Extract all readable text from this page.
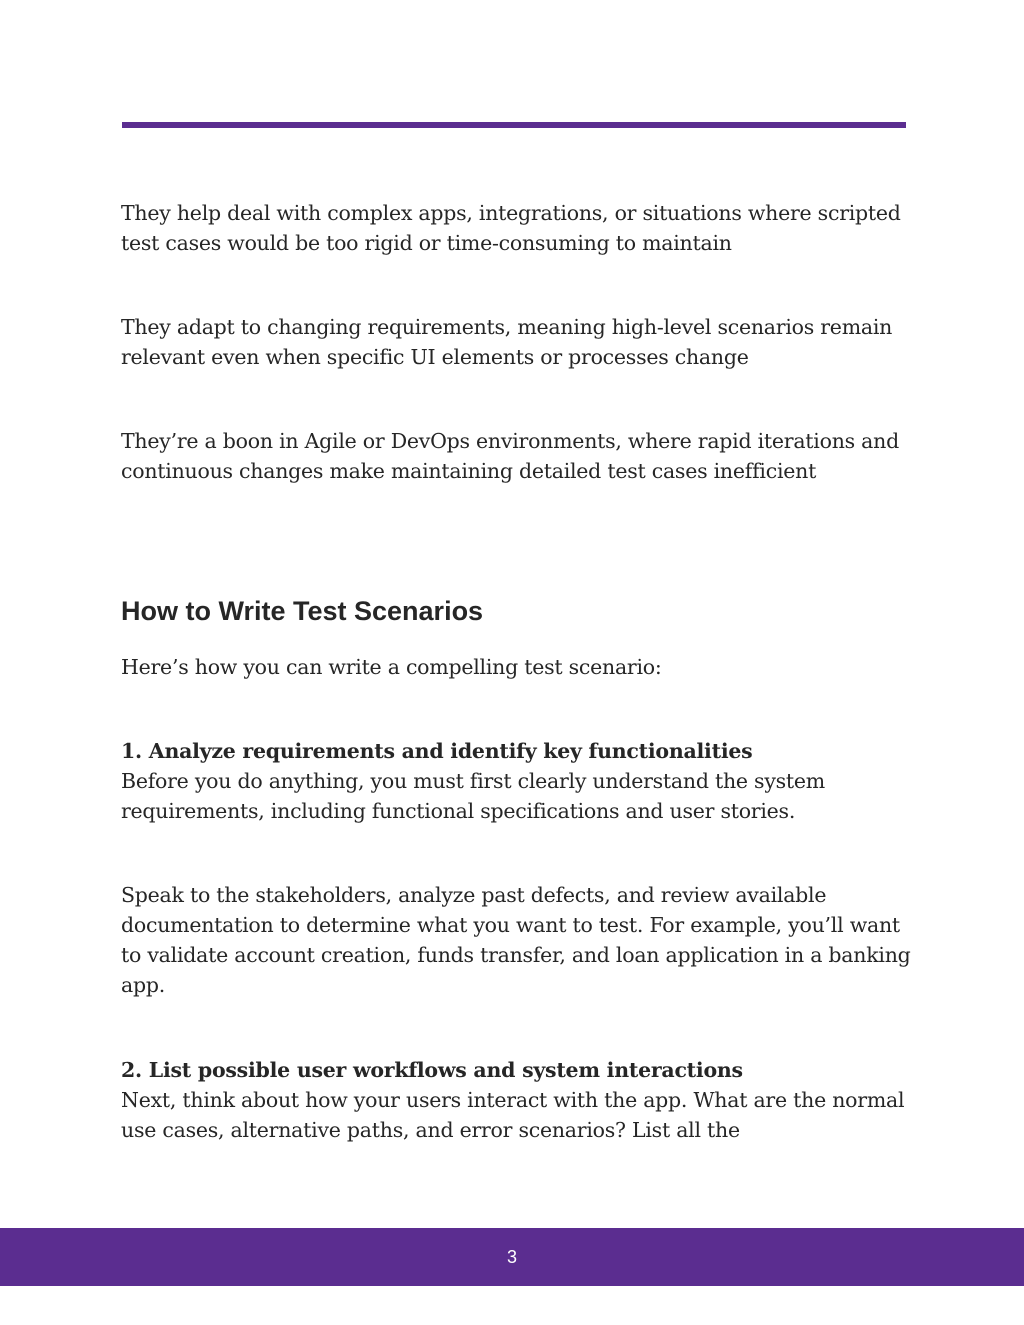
They help deal with complex apps, integrations, or situations where scripted test cases would be too rigid or time-consuming to maintain

They adapt to changing requirements, meaning high-level scenarios remain relevant even when specific UI elements or processes change

They’re a boon in Agile or DevOps environments, where rapid iterations and continuous changes make maintaining detailed test cases inefficient

How to Write Test Scenarios

Here’s how you can write a compelling test scenario:

1. Analyze requirements and identify key functionalities

Before you do anything, you must first clearly understand the system requirements, including functional specifications and user stories.

Speak to the stakeholders, analyze past defects, and review available documentation to determine what you want to test. For example, you’ll want to validate account creation, funds transfer, and loan application in a banking app.

2. List possible user workflows and system interactions

Next, think about how your users interact with the app. What are the normal use cases, alternative paths, and error scenarios? List all the

3
